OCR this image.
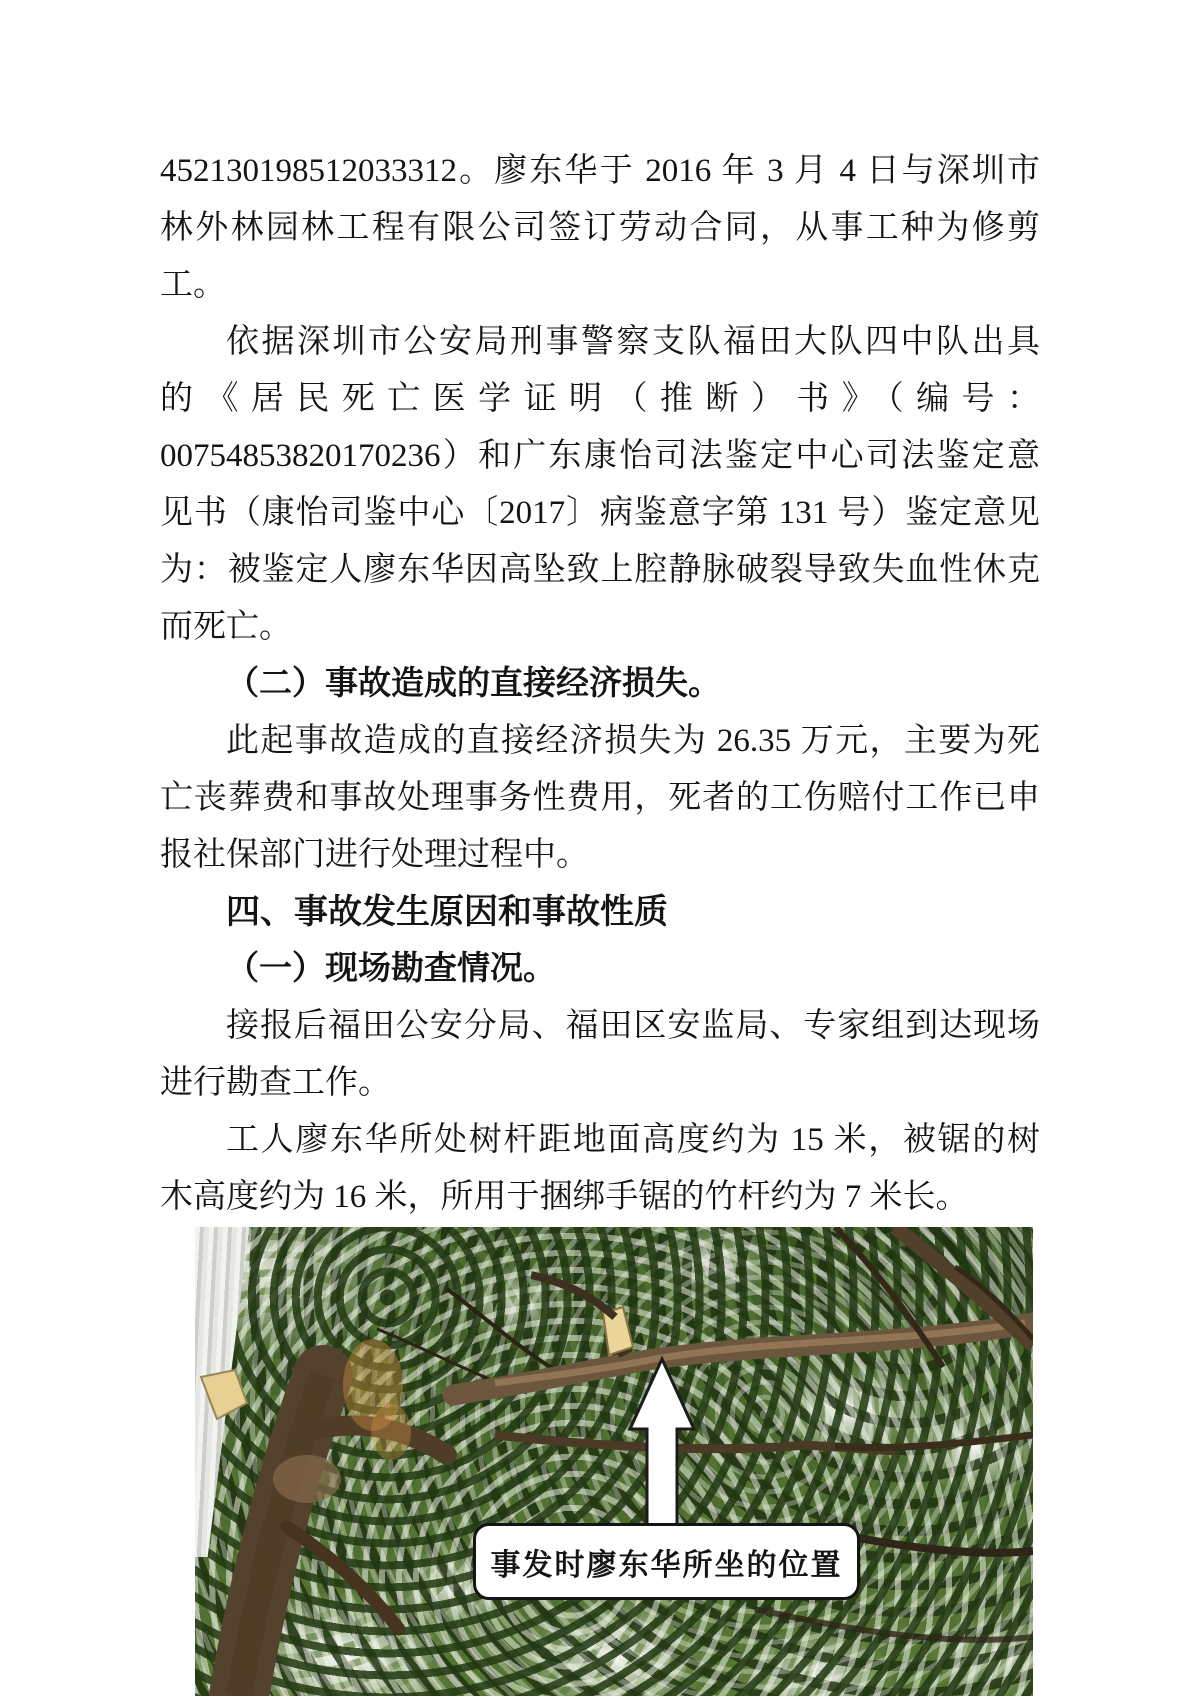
452130198512033312。廖东华于 2016 年 3 月 4 日与深圳市
林外林园林工程有限公司签订劳动合同，从事工种为修剪
工。
依据深圳市公安局刑事警察支队福田大队四中队出具
的《居民死亡医学证明（推断）书》（编号：
00754853820170236）和广东康怡司法鉴定中心司法鉴定意
见书（康怡司鉴中心〔2017〕病鉴意字第 131 号）鉴定意见
为：被鉴定人廖东华因高坠致上腔静脉破裂导致失血性休克
而死亡。
（二）事故造成的直接经济损失。
此起事故造成的直接经济损失为 26.35 万元，主要为死
亡丧葬费和事故处理事务性费用，死者的工伤赔付工作已申
报社保部门进行处理过程中。
四、事故发生原因和事故性质
（一）现场勘查情况。
接报后福田公安分局、福田区安监局、专家组到达现场
进行勘查工作。
工人廖东华所处树杆距地面高度约为 15 米，被锯的树
木高度约为 16 米，所用于捆绑手锯的竹杆约为 7 米长。
事发时廖东华所坐的位置
